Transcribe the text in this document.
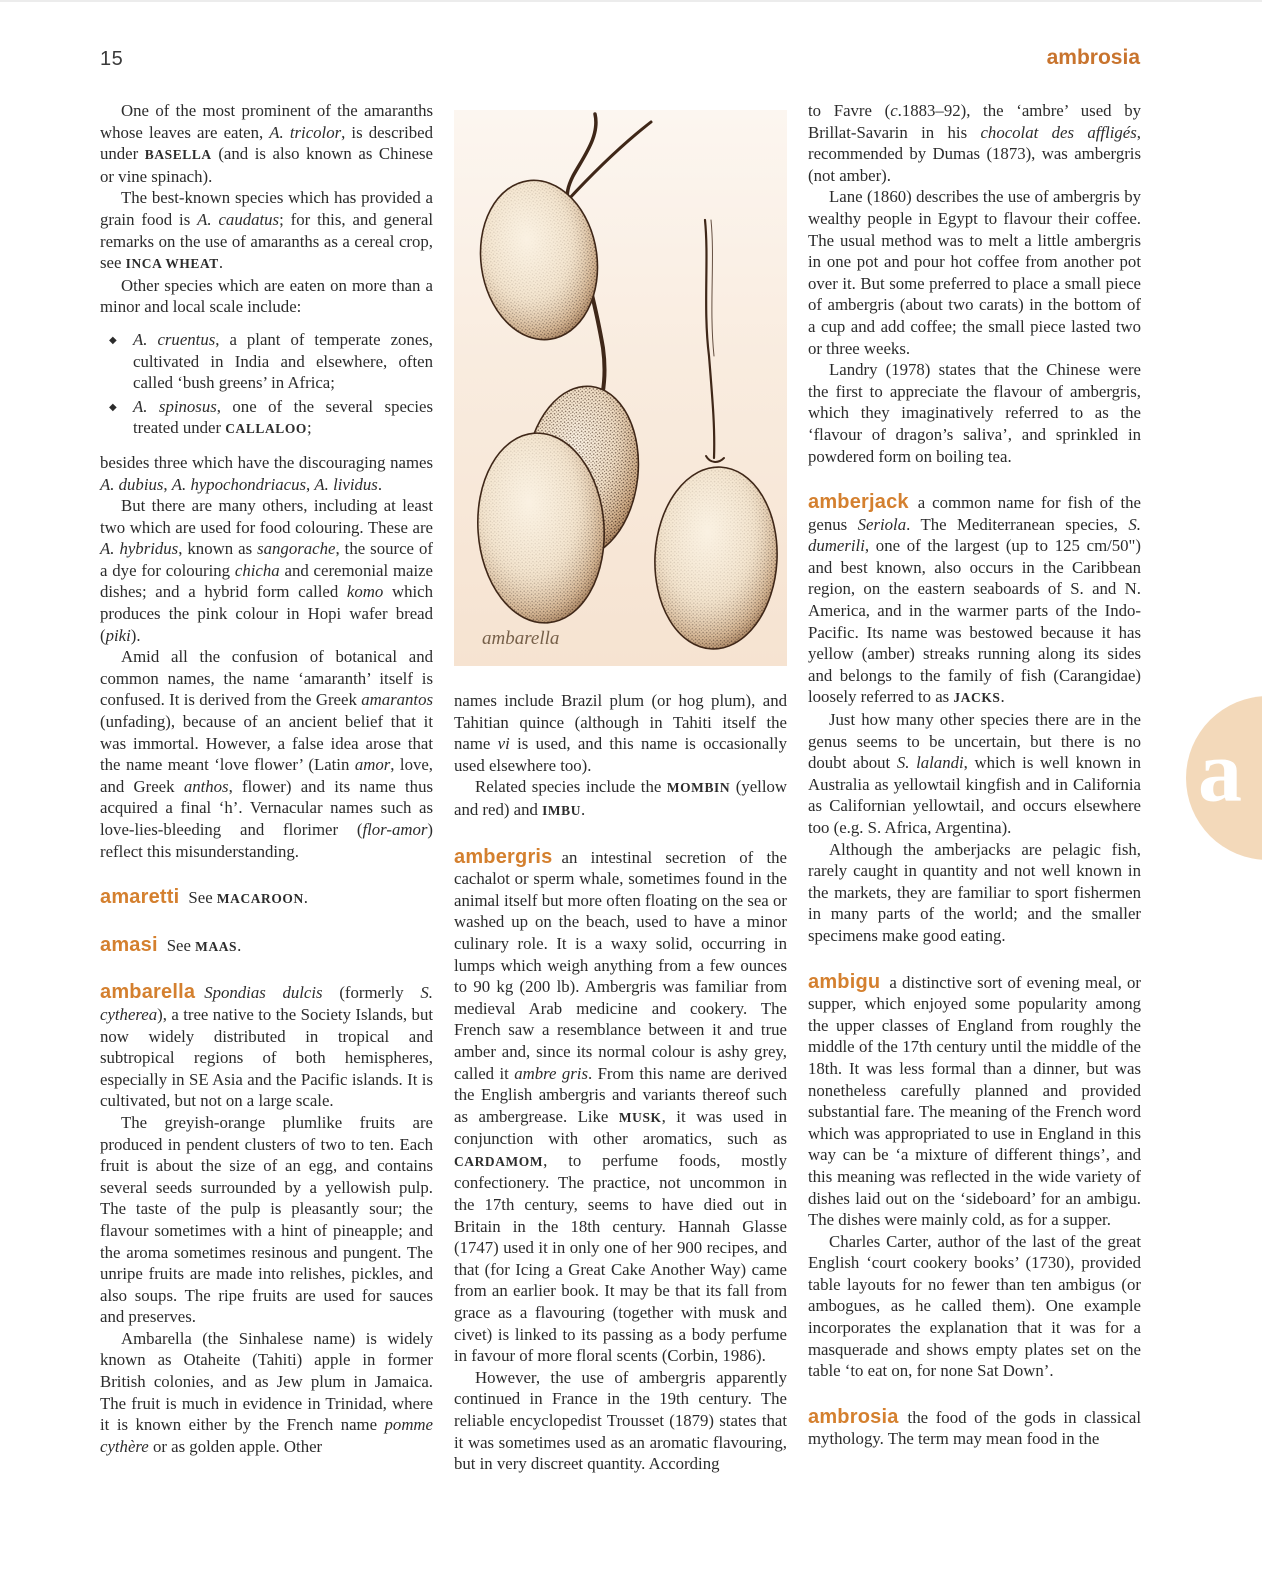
15	ambrosia

One of the most prominent of the amaranths whose leaves are eaten, A. tricolor, is described under BASELLA (and is also known as Chinese or vine spinach).

The best-known species which has provided a grain food is A. caudatus; for this, and general remarks on the use of amaranths as a cereal crop, see INCA WHEAT.

Other species which are eaten on more than a minor and local scale include:

◆ A. cruentus, a plant of temperate zones, cultivated in India and elsewhere, often called ‘bush greens’ in Africa;

◆ A. spinosus, one of the several species treated under CALLALOO;

besides three which have the discouraging names A. dubius, A. hypochondriacus, A. lividus.

But there are many others, including at least two which are used for food colouring. These are A. hybridus, known as sangorache, the source of a dye for colouring chicha and ceremonial maize dishes; and a hybrid form called komo which produces the pink colour in Hopi wafer bread (piki).

Amid all the confusion of botanical and common names, the name ‘amaranth’ itself is confused. It is derived from the Greek amarantos (unfading), because of an ancient belief that it was immortal. However, a false idea arose that the name meant ‘love flower’ (Latin amor, love, and Greek anthos, flower) and its name thus acquired a final ‘h’. Vernacular names such as love-lies-bleeding and florimer (flor-amor) reflect this misunderstanding.

amaretti See MACAROON.

amasi See MAAS.

ambarella Spondias dulcis (formerly S. cytherea), a tree native to the Society Islands, but now widely distributed in tropical and subtropical regions of both hemispheres, especially in SE Asia and the Pacific islands. It is cultivated, but not on a large scale.

The greyish-orange plumlike fruits are produced in pendent clusters of two to ten. Each fruit is about the size of an egg, and contains several seeds surrounded by a yellowish pulp. The taste of the pulp is pleasantly sour; the flavour sometimes with a hint of pineapple; and the aroma sometimes resinous and pungent. The unripe fruits are made into relishes, pickles, and also soups. The ripe fruits are used for sauces and preserves.

Ambarella (the Sinhalese name) is widely known as Otaheite (Tahiti) apple in former British colonies, and as Jew plum in Jamaica. The fruit is much in evidence in Trinidad, where it is known either by the French name pomme cythère or as golden apple. Other

ambarella

names include Brazil plum (or hog plum), and Tahitian quince (although in Tahiti itself the name vi is used, and this name is occasionally used elsewhere too).

Related species include the MOMBIN (yellow and red) and IMBU.

ambergris an intestinal secretion of the cachalot or sperm whale, sometimes found in the animal itself but more often floating on the sea or washed up on the beach, used to have a minor culinary role. It is a waxy solid, occurring in lumps which weigh anything from a few ounces to 90 kg (200 lb). Ambergris was familiar from medieval Arab medicine and cookery. The French saw a resemblance between it and true amber and, since its normal colour is ashy grey, called it ambre gris. From this name are derived the English ambergris and variants thereof such as ambergrease. Like MUSK, it was used in conjunction with other aromatics, such as CARDAMOM, to perfume foods, mostly confectionery. The practice, not uncommon in the 17th century, seems to have died out in Britain in the 18th century. Hannah Glasse (1747) used it in only one of her 900 recipes, and that (for Icing a Great Cake Another Way) came from an earlier book. It may be that its fall from grace as a flavouring (together with musk and civet) is linked to its passing as a body perfume in favour of more floral scents (Corbin, 1986).

However, the use of ambergris apparently continued in France in the 19th century. The reliable encyclopedist Trousset (1879) states that it was sometimes used as an aromatic flavouring, but in very discreet quantity. According

to Favre (c.1883–92), the ‘ambre’ used by Brillat-Savarin in his chocolat des affligés, recommended by Dumas (1873), was ambergris (not amber).

Lane (1860) describes the use of ambergris by wealthy people in Egypt to flavour their coffee. The usual method was to melt a little ambergris in one pot and pour hot coffee from another pot over it. But some preferred to place a small piece of ambergris (about two carats) in the bottom of a cup and add coffee; the small piece lasted two or three weeks.

Landry (1978) states that the Chinese were the first to appreciate the flavour of ambergris, which they imaginatively referred to as the ‘flavour of dragon’s saliva’, and sprinkled in powdered form on boiling tea.

amberjack a common name for fish of the genus Seriola. The Mediterranean species, S. dumerili, one of the largest (up to 125 cm/50") and best known, also occurs in the Caribbean region, on the eastern seaboards of S. and N. America, and in the warmer parts of the Indo-Pacific. Its name was bestowed because it has yellow (amber) streaks running along its sides and belongs to the family of fish (Carangidae) loosely referred to as JACKS.

Just how many other species there are in the genus seems to be uncertain, but there is no doubt about S. lalandi, which is well known in Australia as yellowtail kingfish and in California as Californian yellowtail, and occurs elsewhere too (e.g. S. Africa, Argentina).

Although the amberjacks are pelagic fish, rarely caught in quantity and not well known in the markets, they are familiar to sport fishermen in many parts of the world; and the smaller specimens make good eating.

ambigu a distinctive sort of evening meal, or supper, which enjoyed some popularity among the upper classes of England from roughly the middle of the 17th century until the middle of the 18th. It was less formal than a dinner, but was nonetheless carefully planned and provided substantial fare. The meaning of the French word which was appropriated to use in England in this way can be ‘a mixture of different things’, and this meaning was reflected in the wide variety of dishes laid out on the ‘sideboard’ for an ambigu. The dishes were mainly cold, as for a supper.

Charles Carter, author of the last of the great English ‘court cookery books’ (1730), provided table layouts for no fewer than ten ambigus (or ambogues, as he called them). One example incorporates the explanation that it was for a masquerade and shows empty plates set on the table ‘to eat on, for none Sat Down’.

ambrosia the food of the gods in classical mythology. The term may mean food in the

a
